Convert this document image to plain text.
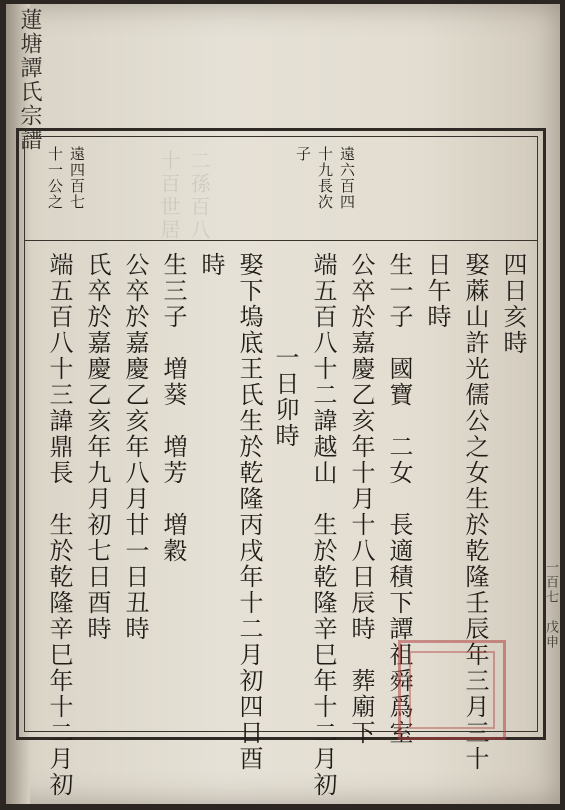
蓮塘譚氏宗譜
十百世居 二孫百八	遠六百四
十九長次
子
遠四百七
十一公之
四日亥時
娶蔴山許光儒公之女生於乾隆壬辰年三月三十
日午時
生一子　國寶　二女　長適積下譚祖舜爲室
公卒於嘉慶乙亥年十月十八日辰時　葬廟下
端五百八十二諱越山　生於乾隆辛巳年十二月初
一日卯時
娶下塢底王氏生於乾隆丙戌年十二月初四日酉
時
生三子　増葵　増芳　増穀
公卒於嘉慶乙亥年八月廿一日丑時
氏卒於嘉慶乙亥年九月初七日酉時
端五百八十三諱鼎長　生於乾隆辛巳年十二月初	一百七
戊申
